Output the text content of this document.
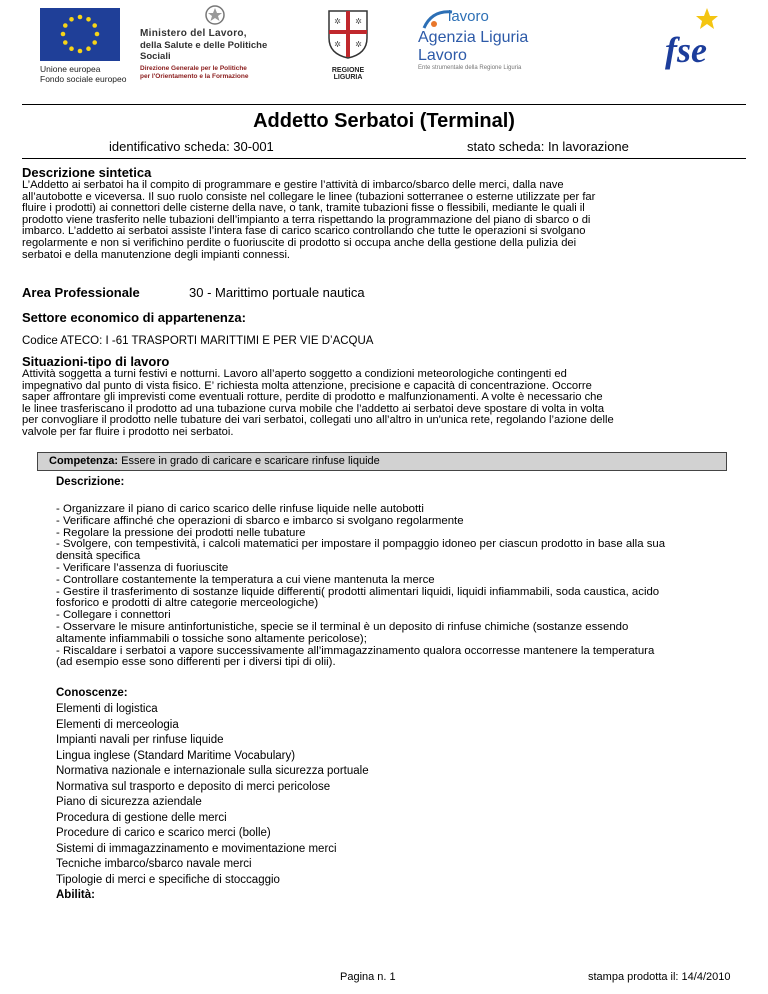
Unione europea
Fondo sociale europeo
Ministero del Lavoro,
della Salute e delle Politiche Sociali
Direzione Generale per le Politiche
per l'Orientamento e la Formazione
✲ ✲
✲ ✲
REGIONE LIGURIA
lavoro
Agenzia Liguria Lavoro
Ente strumentale della Regione Liguria	fse
Addetto Serbatoi (Terminal)
identificativo scheda: 30-001	stato scheda: In lavorazione
Descrizione sintetica
L’Addetto ai serbatoi ha il compito di programmare e gestire l’attività di imbarco/sbarco delle merci, dalla nave
all’autobotte e viceversa. Il suo ruolo consiste nel collegare le linee (tubazioni sotterranee o esterne utilizzate per far
fluire i prodotti) ai connettori delle cisterne della nave, o tank, tramite tubazioni fisse o flessibili, mediante le quali il
prodotto viene trasferito nelle tubazioni dell’impianto a terra rispettando la programmazione del piano di sbarco o di
imbarco. L’addetto ai serbatoi assiste l’intera fase di carico scarico controllando che tutte le operazioni si svolgano
regolarmente e non si verifichino perdite o fuoriuscite di prodotto si occupa anche della gestione della pulizia dei
serbatoi e della manutenzione degli impianti connessi.
Area Professionale	30 - Marittimo portuale nautica
Settore economico di appartenenza:
Codice ATECO: I -61 TRASPORTI MARITTIMI E PER VIE D’ACQUA
Situazioni-tipo di lavoro
Attività soggetta a turni festivi e notturni. Lavoro all’aperto soggetto a condizioni meteorologiche contingenti ed
impegnativo dal punto di vista fisico. E’ richiesta molta attenzione, precisione e capacità di concentrazione. Occorre
saper affrontare gli imprevisti come eventuali rotture, perdite di prodotto e malfunzionamenti. A volte è necessario che
le linee trasferiscano il prodotto ad una tubazione curva mobile che l’addetto ai serbatoi deve spostare di volta in volta
per convogliare il prodotto nelle tubature dei vari serbatoi, collegati uno all’altro in un'unica rete, regolando l’azione delle
valvole per far fluire i prodotto nei serbatoi.
Competenza: Essere in grado di caricare e scaricare rinfuse liquide
Descrizione:
- Organizzare il piano di carico scarico delle rinfuse liquide nelle autobotti
- Verificare affinché che operazioni di sbarco e imbarco si svolgano regolarmente
- Regolare la pressione dei prodotti nelle tubature
- Svolgere, con tempestività, i calcoli matematici per impostare il pompaggio idoneo per ciascun prodotto in base alla sua
densità specifica
- Verificare l’assenza di fuoriuscite
- Controllare costantemente la temperatura a cui viene mantenuta la merce
- Gestire il trasferimento di sostanze liquide differenti( prodotti alimentari liquidi, liquidi infiammabili, soda caustica, acido
fosforico e prodotti di altre categorie merceologiche)
- Collegare i connettori
- Osservare le misure antinfortunistiche, specie se il terminal è un deposito di rinfuse chimiche (sostanze essendo
altamente infiammabili o tossiche sono altamente pericolose);
- Riscaldare i serbatoi a vapore successivamente all’immagazzinamento qualora occorresse mantenere la temperatura
(ad esempio esse sono differenti per i diversi tipi di olii).
Conoscenze:
Elementi di logistica
Elementi di merceologia
Impianti navali per rinfuse liquide
Lingua inglese (Standard Maritime Vocabulary)
Normativa nazionale e internazionale sulla sicurezza portuale
Normativa sul trasporto e deposito di merci pericolose
Piano di sicurezza aziendale
Procedura di gestione delle merci
Procedure di carico e scarico merci (bolle)
Sistemi di immagazzinamento e movimentazione merci
Tecniche imbarco/sbarco navale merci
Tipologie di merci e specifiche di stoccaggio
Abilità:
Pagina n. 1	stampa prodotta il: 14/4/2010
